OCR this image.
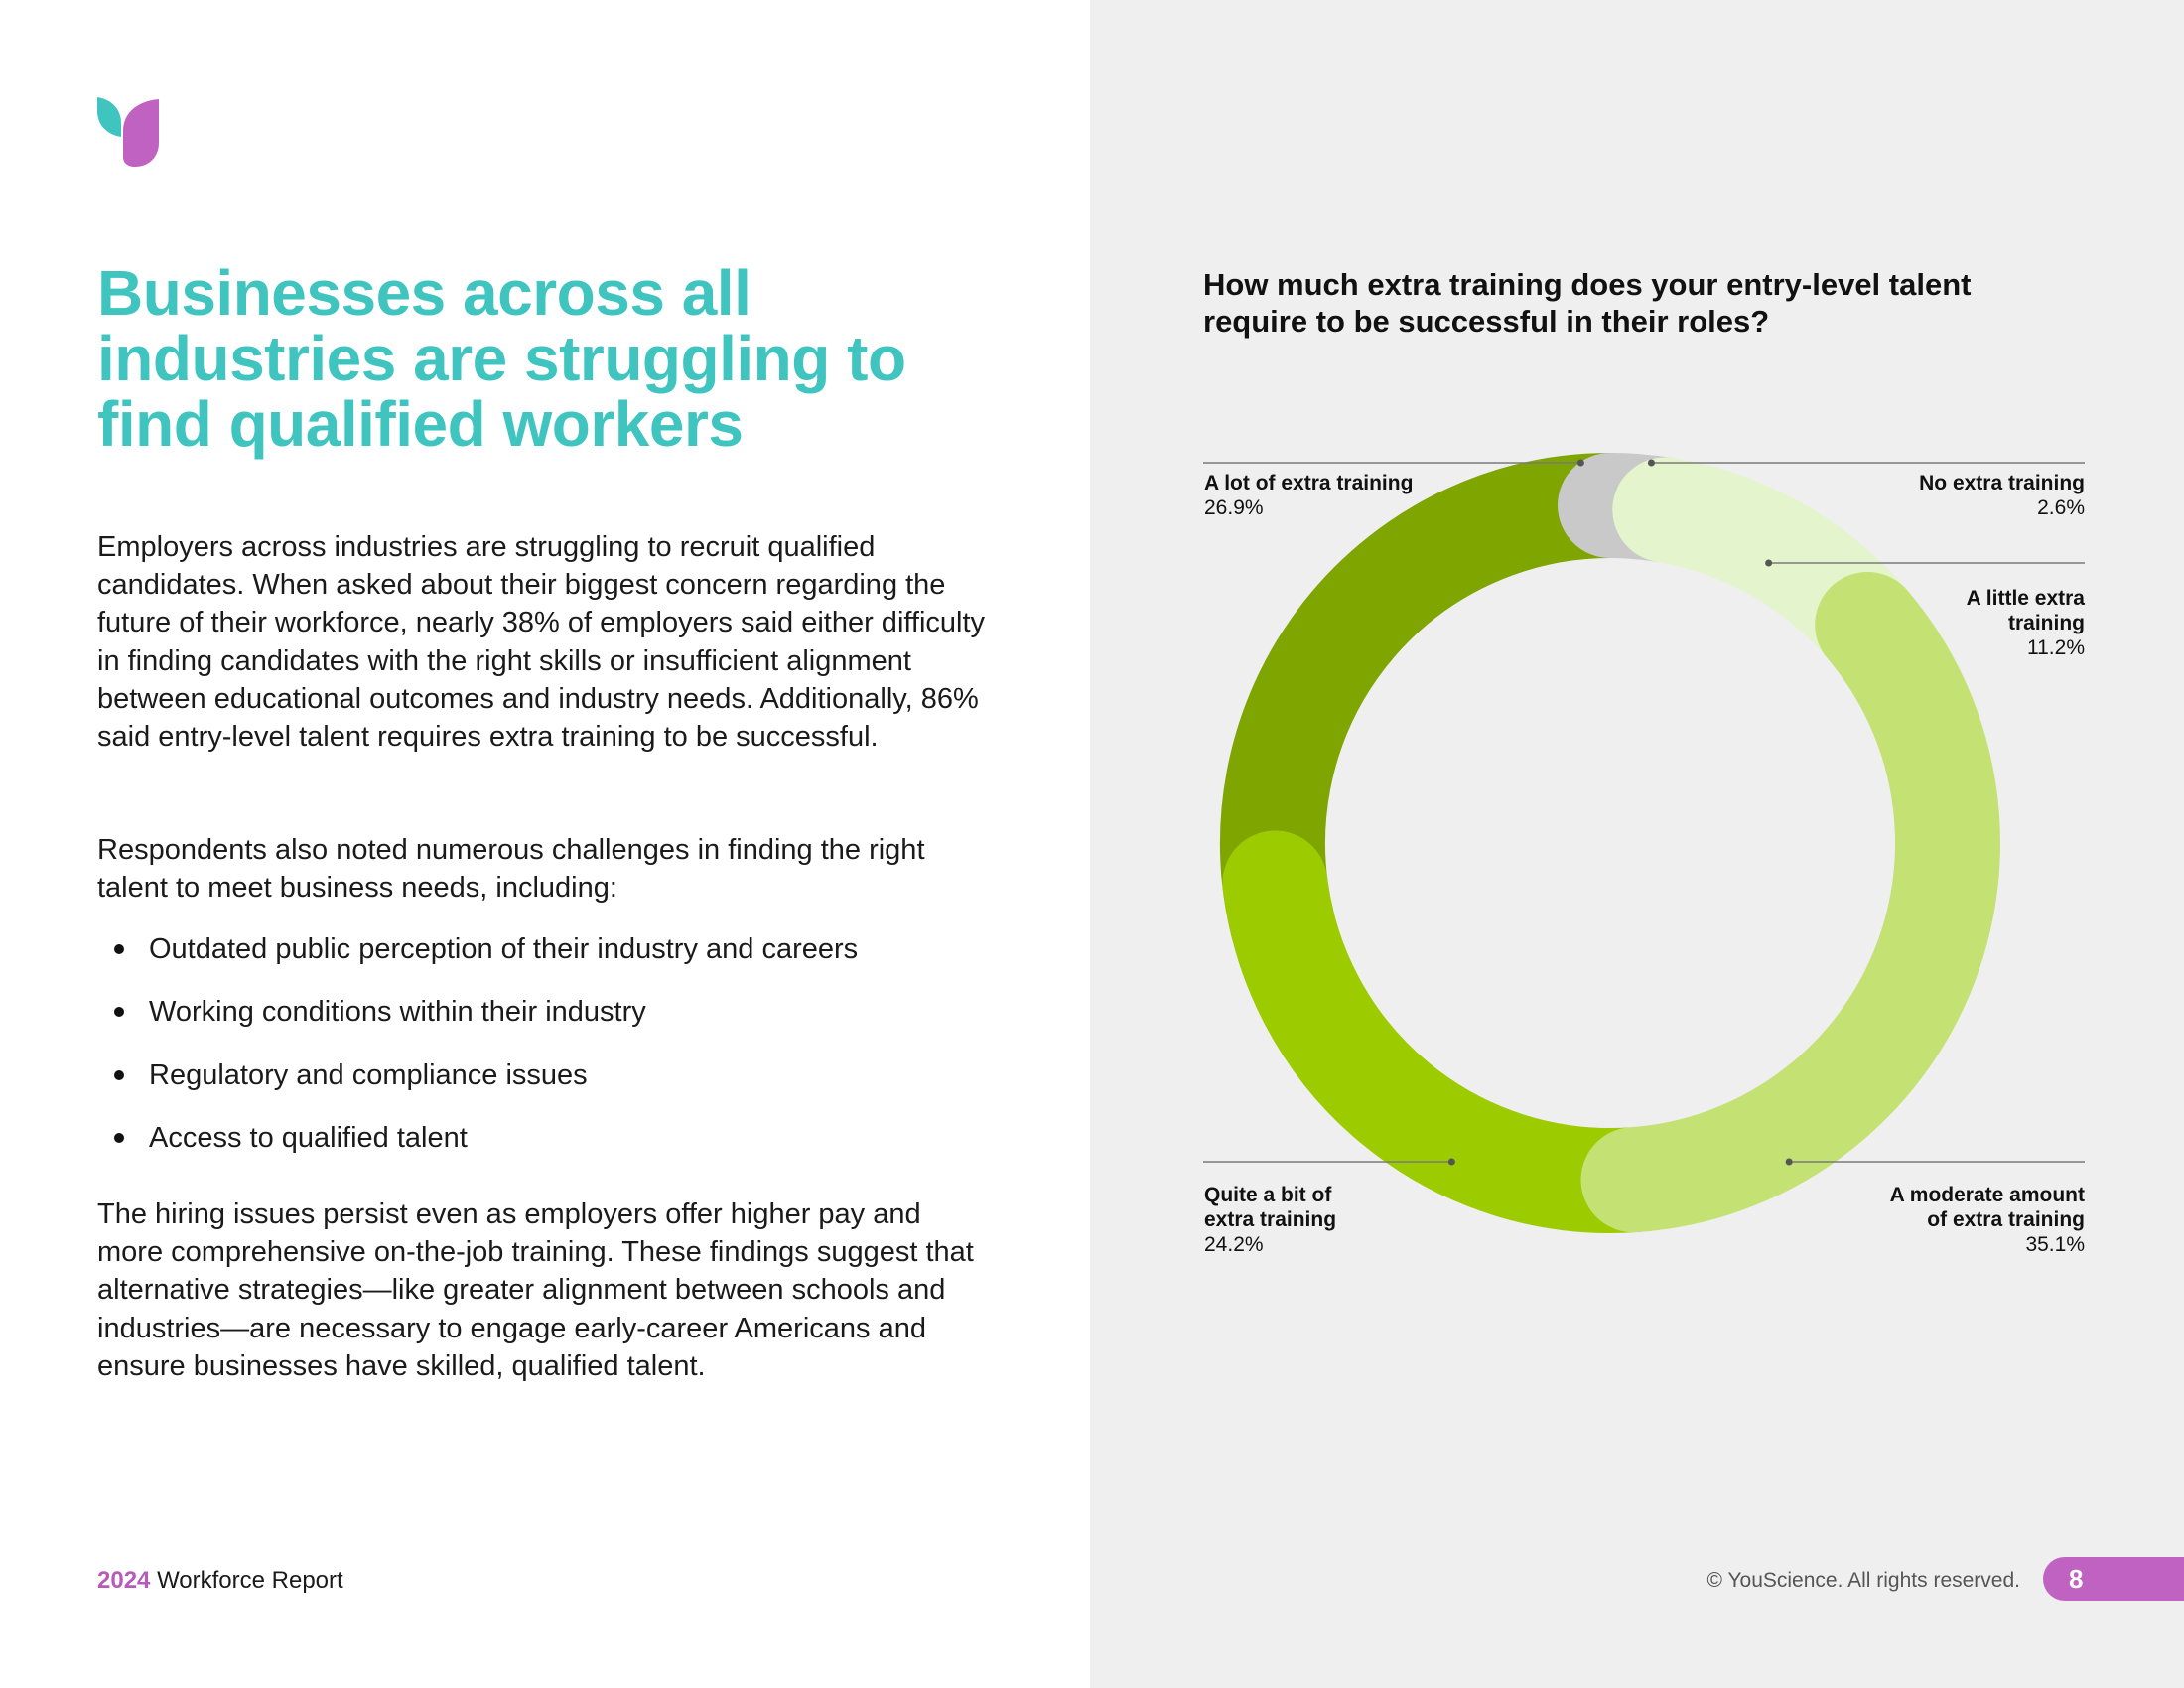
Businesses across all industries are struggling to find qualified workers

Employers across industries are struggling to recruit qualified candidates. When asked about their biggest concern regarding the future of their workforce, nearly 38% of employers said either difficulty in finding candidates with the right skills or insufficient alignment between educational outcomes and industry needs. Additionally, 86% said entry-level talent requires extra training to be successful.

Respondents also noted numerous challenges in finding the right talent to meet business needs, including:

Outdated public perception of their industry and careers
Working conditions within their industry
Regulatory and compliance issues
Access to qualified talent

The hiring issues persist even as employers offer higher pay and more comprehensive on-the-job training. These findings suggest that alternative strategies—like greater alignment between schools and industries—are necessary to engage early-career Americans and ensure businesses have skilled, qualified talent.

2024 Workforce Report
How much extra training does your entry-level talent require to be successful in their roles?
No extra training
2.6%
A little extra
training
11.2%
A moderate amount
of extra training
35.1%
Quite a bit of
extra training
24.2%
A lot of extra training
26.9%
© YouScience. All rights reserved.	8
